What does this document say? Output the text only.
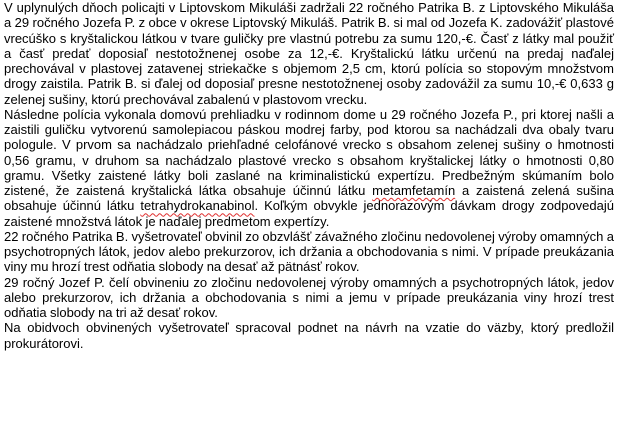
V uplynulých dňoch policajti v Liptovskom Mikuláši zadržali 22 ročného Patrika B. z Liptovského Mikuláša a 29 ročného Jozefa P. z obce v okrese Liptovský Mikuláš. Patrik B. si mal od Jozefa K. zadovážiť plastové vrecúško s kryštalickou látkou v tvare guličky pre vlastnú potrebu za sumu 120,-€. Časť z látky mal použiť a časť predať doposiaľ nestotožnenej osobe za 12,-€. Kryštalickú látku určenú na predaj naďalej prechovával v plastovej zatavenej striekačke s objemom 2,5 cm, ktorú polícia so stopovým množstvom drogy zaistila. Patrik B. si ďalej od doposiaľ presne nestotožnenej osoby zadovážil za sumu 10,-€ 0,633 g zelenej sušiny, ktorú prechovával zabalenú v plastovom vrecku.

Následne polícia vykonala domovú prehliadku v rodinnom dome u 29 ročného Jozefa P., pri ktorej našli a zaistili guličku vytvorenú samolepiacou páskou modrej farby, pod ktorou sa nachádzali dva obaly tvaru pologule. V prvom sa nachádzalo priehľadné celofánové vrecko s obsahom zelenej sušiny o hmotnosti 0,56 gramu, v druhom sa nachádzalo plastové vrecko s obsahom kryštalickej látky o hmotnosti 0,80 gramu. Všetky zaistené látky boli zaslané na kriminalistickú expertízu. Predbežným skúmaním bolo zistené, že zaistená kryštalická látka obsahuje účinnú látku metamfetamín a zaistená zelená sušina obsahuje účinnú látku tetrahydrokanabinol. Koľkým obvykle jednorazovým dávkam drogy zodpovedajú zaistené množstvá látok je naďalej predmetom expertízy.

22 ročného Patrika B. vyšetrovateľ obvinil zo obzvlášť závažného zločinu nedovolenej výroby omamných a psychotropných látok, jedov alebo prekurzorov, ich držania a obchodovania s nimi. V prípade preukázania viny mu hrozí trest odňatia slobody na desať až pätnásť rokov.

29 ročný Jozef P. čelí obvineniu zo zločinu nedovolenej výroby omamných a psychotropných látok, jedov alebo prekurzorov, ich držania a obchodovania s nimi a jemu v prípade preukázania viny hrozí trest odňatia slobody na tri až desať rokov.

Na obidvoch obvinených vyšetrovateľ spracoval podnet na návrh na vzatie do väzby, ktorý predložil prokurátorovi.
